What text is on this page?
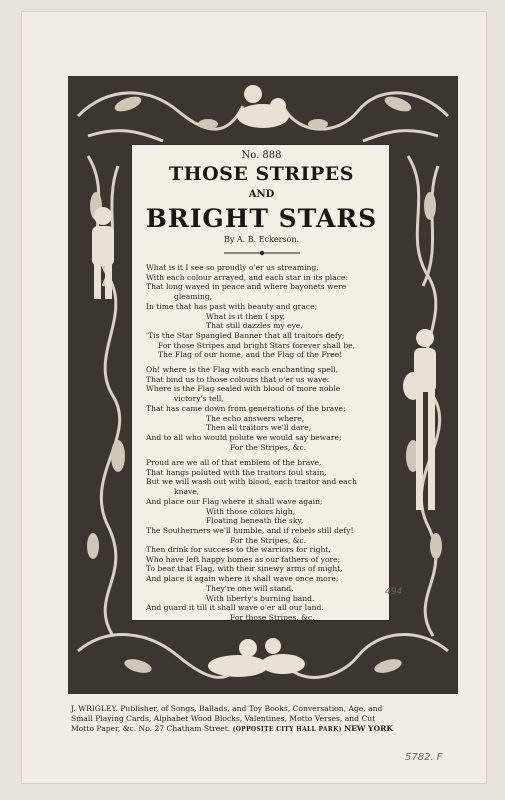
No. 888
THOSE STRIPES
AND
BRIGHT STARS
By A. B. Eckerson.
What is it I see so proudly o'er us streaming,
With each colour arrayed, and each star in its place:
That long waved in peace and where bayonets were
gleaming,
In time that has past with beauty and grace;
What is it then I spy,
That still dazzles my eye,
'Tis the Star Spangled Banner that all traitors defy;
For those Stripes and bright Stars forever shall be,
The Flag of our home, and the Flag of the Free!
Oh! where is the Flag with each enchanting spell,
That bind us to those colours that o'er us wave:
Where is the Flag sealed with blood of more noble
victory's tell,
That has came down from generations of the brave;
The echo answers where,
Then all traitors we'll dare,
And to all who would polute we would say beware;
For the Stripes, &c.
Proud are we all of that emblem of the brave,
That hangs poluted with the traitors foul stain,
But we will wash out with blood, each traitor and each
knave,
And place our Flag where it shall wave again;
With those colors high,
Floating beneath the sky,
The Southerners we'll humble, and if rebels still defy!
For the Stripes, &c.
Then drink for success to the warriors for right,
Who have left happy homes as our fathers of yore;
To bear that Flag, with their sinewy arms of might,
And place it again where it shall wave once more;
They're one will stand,
With liberty's burning band.
And guard it till it shall wave o'er all our land.
For those Stripes, &c.
494
J. WRIGLEY. Publisher, of Songs, Ballads, and Toy Books, Conversation, Age, and
Small Playing Cards, Alphabet Wood Blocks, Valentines, Motto Verses, and Cut
Motto Paper, &c. No. 27 Chatham Street. (OPPOSITE CITY HALL PARK) NEW YORK
5782. F
